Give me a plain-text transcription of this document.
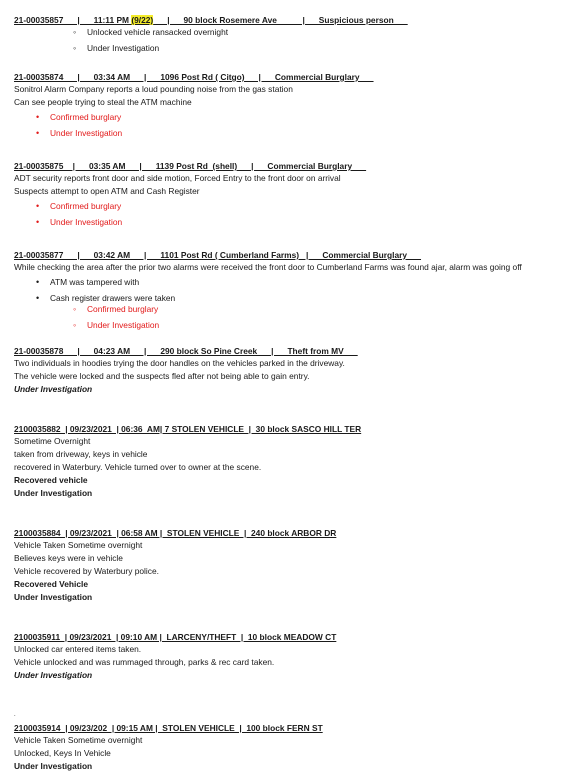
21-00035857      |      11:11 PM (9/22)      |      90 block Rosemere Ave           |      Suspicious person
◦ Unlocked vehicle ransacked overnight
◦ Under Investigation
21-00035874      |      03:34 AM      |      1096 Post Rd ( Citgo)      |      Commercial Burglary
Sonitrol Alarm Company reports a loud pounding noise from the gas station
Can see people trying to steal the ATM machine
• Confirmed burglary
• Under Investigation
21-00035875    |      03:35 AM      |      1139 Post Rd  (shell)      |      Commercial Burglary
ADT security reports front door and side motion, Forced Entry to the front door on arrival
Suspects attempt to open ATM and Cash Register
• Confirmed burglary
• Under Investigation
21-00035877      |      03:42 AM      |      1101 Post Rd ( Cumberland Farms)   |      Commercial Burglary
While checking the area after the prior two alarms were received the front door to Cumberland Farms was found ajar, alarm was going off
• ATM was tampered with
• Cash register drawers were taken
◦ Confirmed burglary
◦ Under Investigation
21-00035878      |      04:23 AM      |      290 block So Pine Creek      |      Theft from MV
Two individuals in hoodies trying the door handles on the vehicles parked in the driveway.
The vehicle were locked and the suspects fled after not being able to gain entry.
Under Investigation
2100035882  | 09/23/2021  | 06:36  AM| 7 STOLEN VEHICLE  |  30 block SASCO HILL TER
Sometime Overnight
taken from driveway, keys in vehicle
recovered in Waterbury. Vehicle turned over to owner at the scene.
Recovered vehicle
Under Investigation
2100035884  | 09/23/2021  | 06:58 AM |  STOLEN VEHICLE  |  240 block ARBOR DR
Vehicle Taken Sometime overnight
Believes keys were in vehicle
Vehicle recovered by Waterbury police.
Recovered Vehicle
Under Investigation
2100035911  | 09/23/2021  | 09:10 AM |  LARCENY/THEFT  |  10 block MEADOW CT
Unlocked car entered items taken.
Vehicle unlocked and was rummaged through, parks & rec card taken.
Under Investigation
.
2100035914  | 09/23/202  | 09:15 AM |  STOLEN VEHICLE  |  100 block FERN ST
Vehicle Taken Sometime overnight
Unlocked, Keys In Vehicle
Under Investigation
